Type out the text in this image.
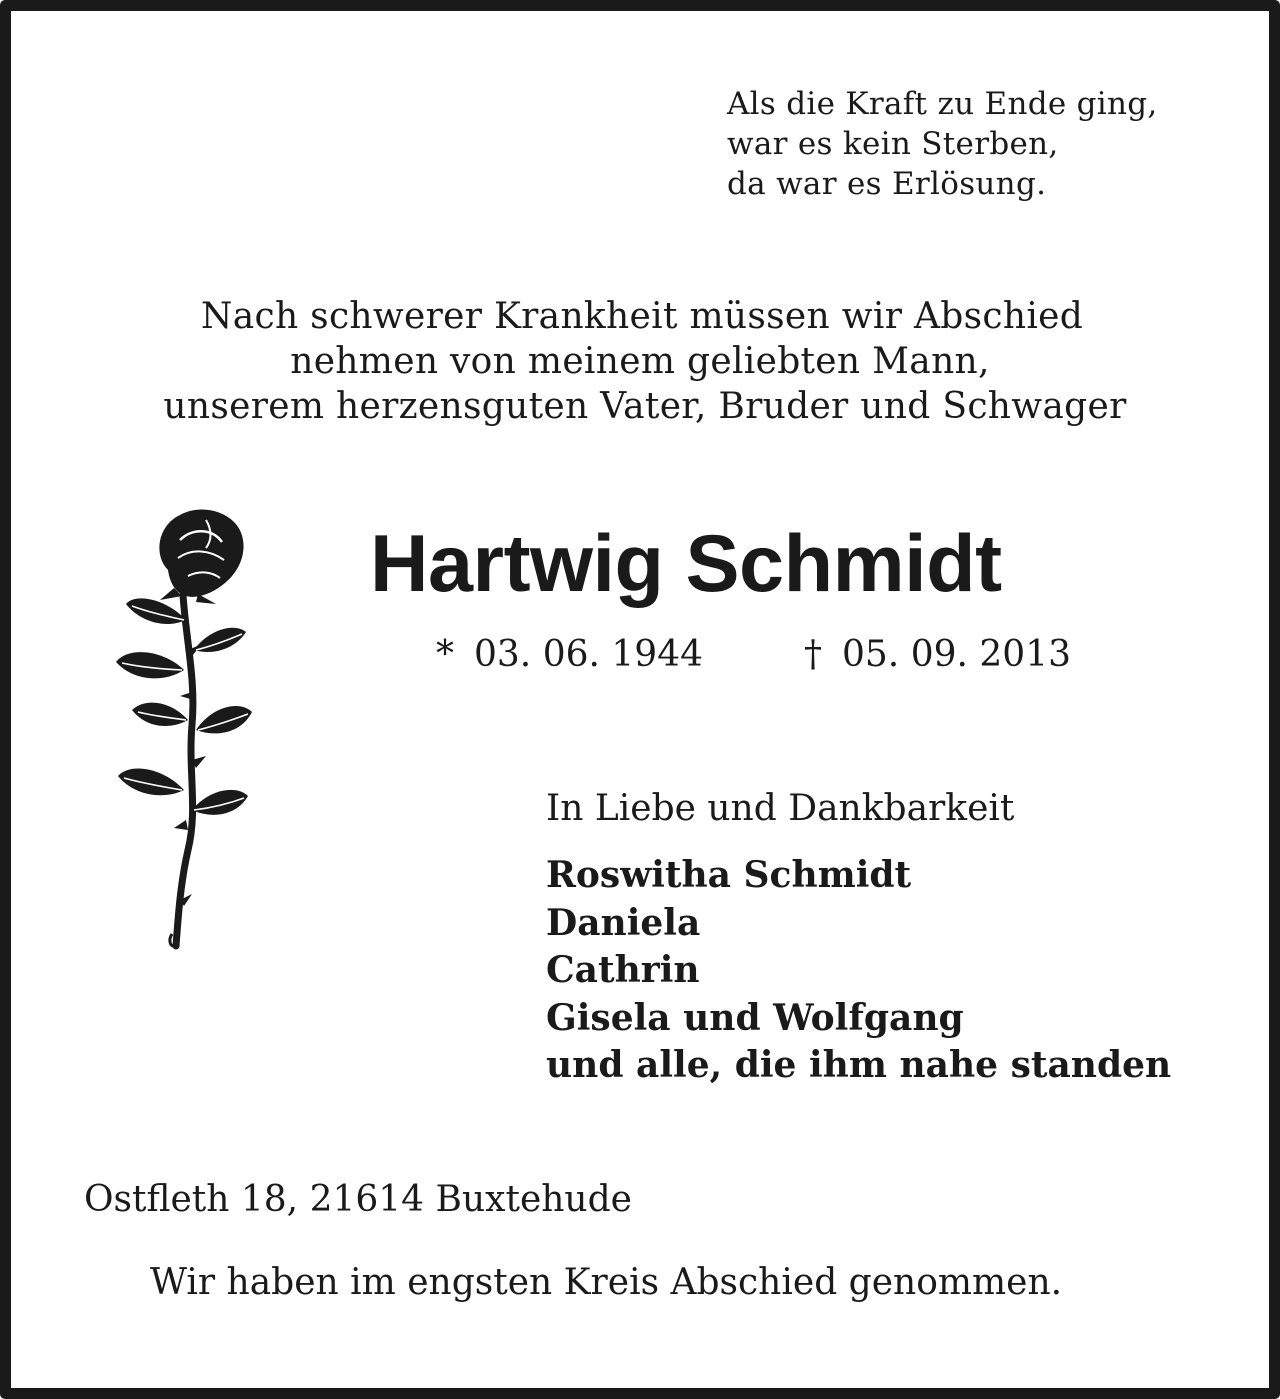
Als die Kraft zu Ende ging,
war es kein Sterben,
da war es Erlösung.
Nach schwerer Krankheit müssen wir Abschied
nehmen von meinem geliebten Mann,
unserem herzensguten Vater, Bruder und Schwager
Hartwig Schmidt
* 03. 06. 1944	† 05. 09. 2013
In Liebe und Dankbarkeit
Roswitha Schmidt
Daniela
Cathrin
Gisela und Wolfgang
und alle, die ihm nahe standen
Ostfleth 18, 21614 Buxtehude
Wir haben im engsten Kreis Abschied genommen.
